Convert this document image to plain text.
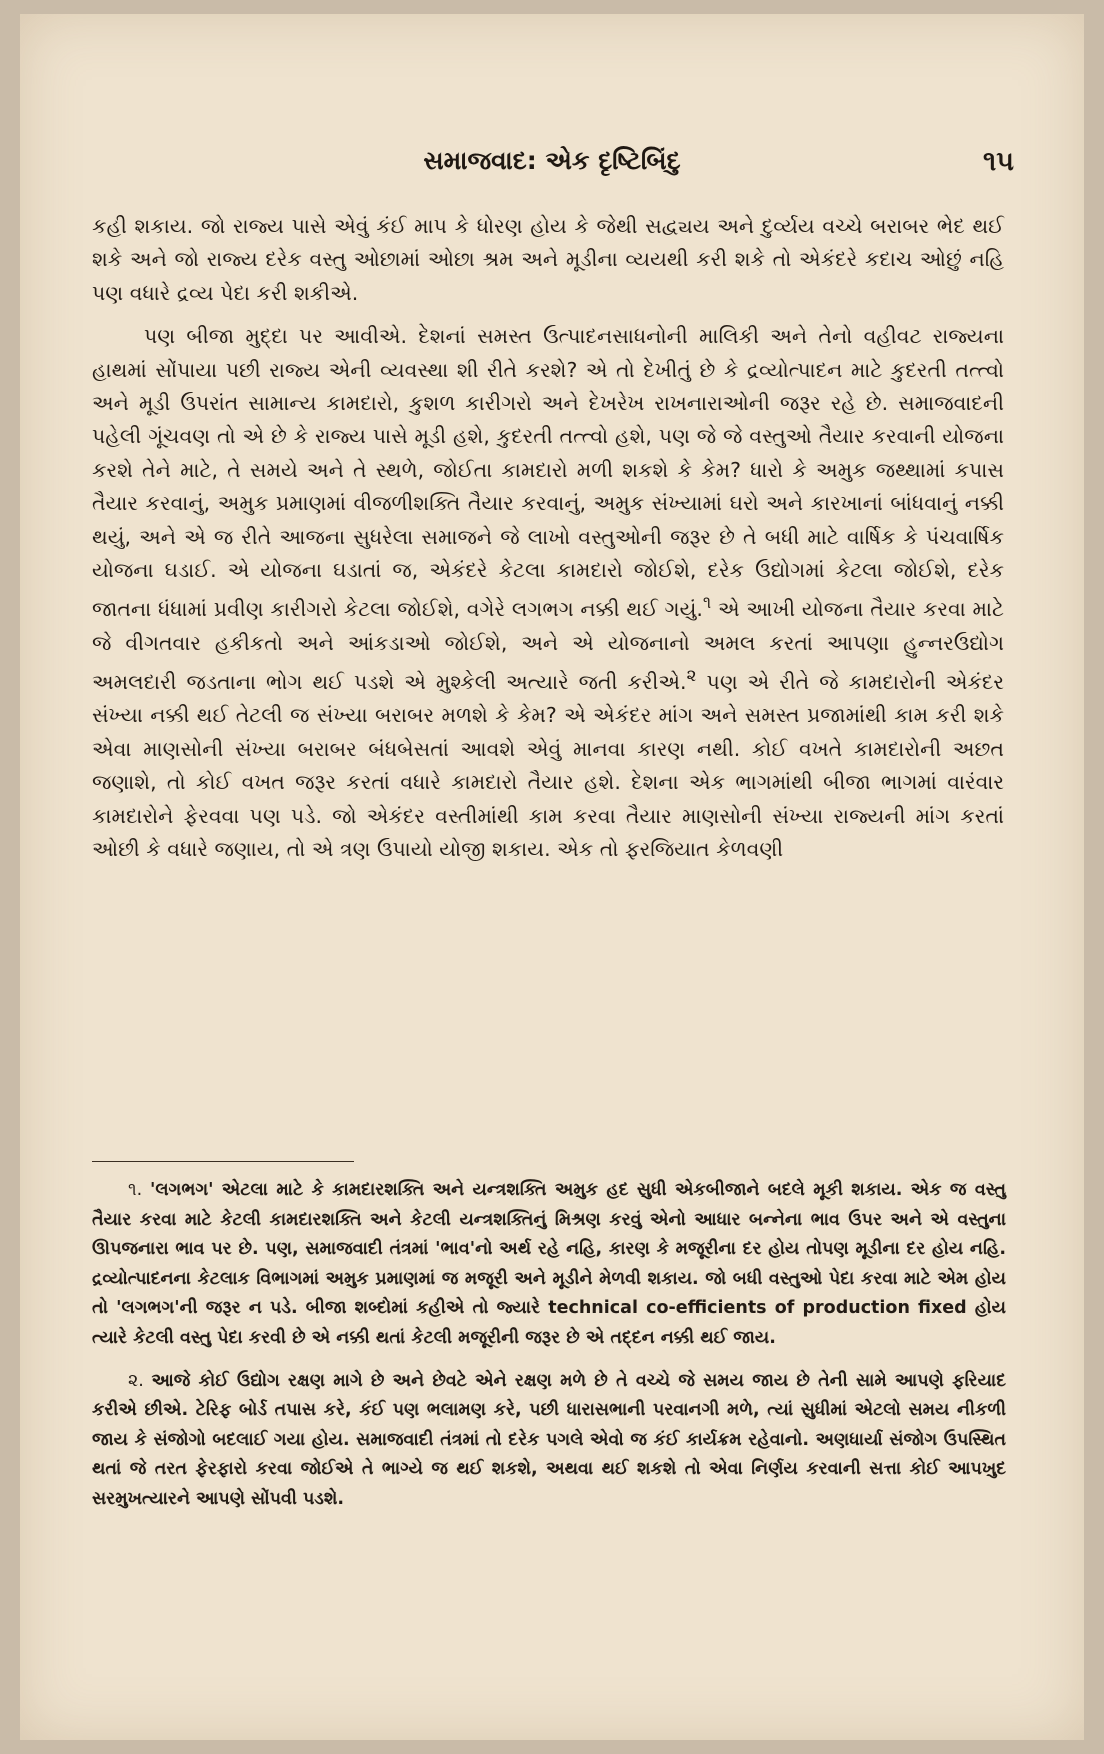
સમાજવાદ: એક દૃષ્ટિબિંદુ	૧૫

કહી શકાય. જો રાજ્ય પાસે એવું કંઈ માપ કે ધોરણ હોય કે જેથી સદ્વ્યય અને દુર્વ્યય વચ્ચે બરાબર ભેદ થઈ શકે અને જો રાજ્ય દરેક વસ્તુ ઓછામાં ઓછા શ્રમ અને મૂડીના વ્યયથી કરી શકે તો એકંદરે કદાચ ઓછું નહિ પણ વધારે દ્રવ્ય પેદા કરી શકીએ.

પણ બીજા મુદ્દા પર આવીએ. દેશનાં સમસ્ત ઉત્પાદનસાધનોની માલિકી અને તેનો વહીવટ રાજ્યના હાથમાં સોંપાયા પછી રાજ્ય એની વ્યવસ્થા શી રીતે કરશે? એ તો દેખીતું છે કે દ્રવ્યોત્પાદન માટે કુદરતી તત્ત્વો અને મૂડી ઉપરાંત સામાન્ય કામદારો, કુશળ કારીગરો અને દેખરેખ રાખનારાઓની જરૂર રહે છે. સમાજવાદની પહેલી ગૂંચવણ તો એ છે કે રાજ્ય પાસે મૂડી હશે, કુદરતી તત્ત્વો હશે, પણ જે જે વસ્તુઓ તૈયાર કરવાની યોજના કરશે તેને માટે, તે સમયે અને તે સ્થળે, જોઈતા કામદારો મળી શકશે કે કેમ? ધારો કે અમુક જથ્થામાં કપાસ તૈયાર કરવાનું, અમુક પ્રમાણમાં વીજળીશક્તિ તૈયાર કરવાનું, અમુક સંખ્યામાં ઘરો અને કારખાનાં બાંધવાનું નક્કી થયું, અને એ જ રીતે આજના સુધરેલા સમાજને જે લાખો વસ્તુઓની જરૂર છે તે બધી માટે વાર્ષિક કે પંચવાર્ષિક યોજના ઘડાઈ. એ યોજના ઘડાતાં જ, એકંદરે કેટલા કામદારો જોઈશે, દરેક ઉદ્યોગમાં કેટલા જોઈશે, દરેક જાતના ધંધામાં પ્રવીણ કારીગરો કેટલા જોઈશે, વગેરે લગભગ નક્કી થઈ ગયું.$^૧$ એ આખી યોજના તૈયાર કરવા માટે જે વીગતવાર હકીકતો અને આંકડાઓ જોઈશે, અને એ યોજનાનો અમલ કરતાં આપણા હુન્નરઉદ્યોગ અમલદારી જડતાના ભોગ થઈ પડશે એ મુશ્કેલી અત્યારે જતી કરીએ.$^૨$ પણ એ રીતે જે કામદારોની એકંદર સંખ્યા નક્કી થઈ તેટલી જ સંખ્યા બરાબર મળશે કે કેમ? એ એકંદર માંગ અને સમસ્ત પ્રજામાંથી કામ કરી શકે એવા માણસોની સંખ્યા બરાબર બંધબેસતાં આવશે એવું માનવા કારણ નથી. કોઈ વખતે કામદારોની અછત જણાશે, તો કોઈ વખત જરૂર કરતાં વધારે કામદારો તૈયાર હશે. દેશના એક ભાગમાંથી બીજા ભાગમાં વારંવાર કામદારોને ફેરવવા પણ પડે. જો એકંદર વસ્તીમાંથી કામ કરવા તૈયાર માણસોની સંખ્યા રાજ્યની માંગ કરતાં ઓછી કે વધારે જણાય, તો એ ત્રણ ઉપાયો યોજી શકાય. એક તો ફરજિયાત કેળવણી

૧. 'લગભગ' એટલા માટે કે કામદારશક્તિ અને યન્ત્રશક્તિ અમુક હદ સુધી એકબીજાને બદલે મૂકી શકાય. એક જ વસ્તુ તૈયાર કરવા માટે કેટલી કામદારશક્તિ અને કેટલી યન્ત્રશક્તિનું મિશ્રણ કરવું એનો આધાર બન્નેના ભાવ ઉપર અને એ વસ્તુના ઊપજનારા ભાવ પર છે. પણ, સમાજવાદી તંત્રમાં 'ભાવ'નો અર્થ રહે નહિ, કારણ કે મજૂરીના દર હોય તોપણ મૂડીના દર હોય નહિ. દ્રવ્યોત્પાદનના કેટલાક વિભાગમાં અમુક પ્રમાણમાં જ મજૂરી અને મૂડીને મેળવી શકાય. જો બધી વસ્તુઓ પેદા કરવા માટે એમ હોય તો 'લગભગ'ની જરૂર ન પડે. બીજા શબ્દોમાં કહીએ તો જ્યારે technical co-efficients of production fixed હોય ત્યારે કેટલી વસ્તુ પેદા કરવી છે એ નક્કી થતાં કેટલી મજૂરીની જરૂર છે એ તદ્દન નક્કી થઈ જાય.

૨. આજે કોઈ ઉદ્યોગ રક્ષણ માગે છે અને છેવટે એને રક્ષણ મળે છે તે વચ્ચે જે સમય જાય છે તેની સામે આપણે ફરિયાદ કરીએ છીએ. ટેરિફ બોર્ડ તપાસ કરે, કંઈ પણ ભલામણ કરે, પછી ધારાસભાની પરવાનગી મળે, ત્યાં સુધીમાં એટલો સમય નીકળી જાય કે સંજોગો બદલાઈ ગયા હોય. સમાજવાદી તંત્રમાં તો દરેક પગલે એવો જ કંઈ કાર્યક્રમ રહેવાનો. અણધાર્યા સંજોગ ઉપસ્થિત થતાં જે તરત ફેરફારો કરવા જોઈએ તે ભાગ્યે જ થઈ શકશે, અથવા થઈ શકશે તો એવા નિર્ણય કરવાની સત્તા કોઈ આપખુદ સરમુખત્યારને આપણે સોંપવી પડશે.
